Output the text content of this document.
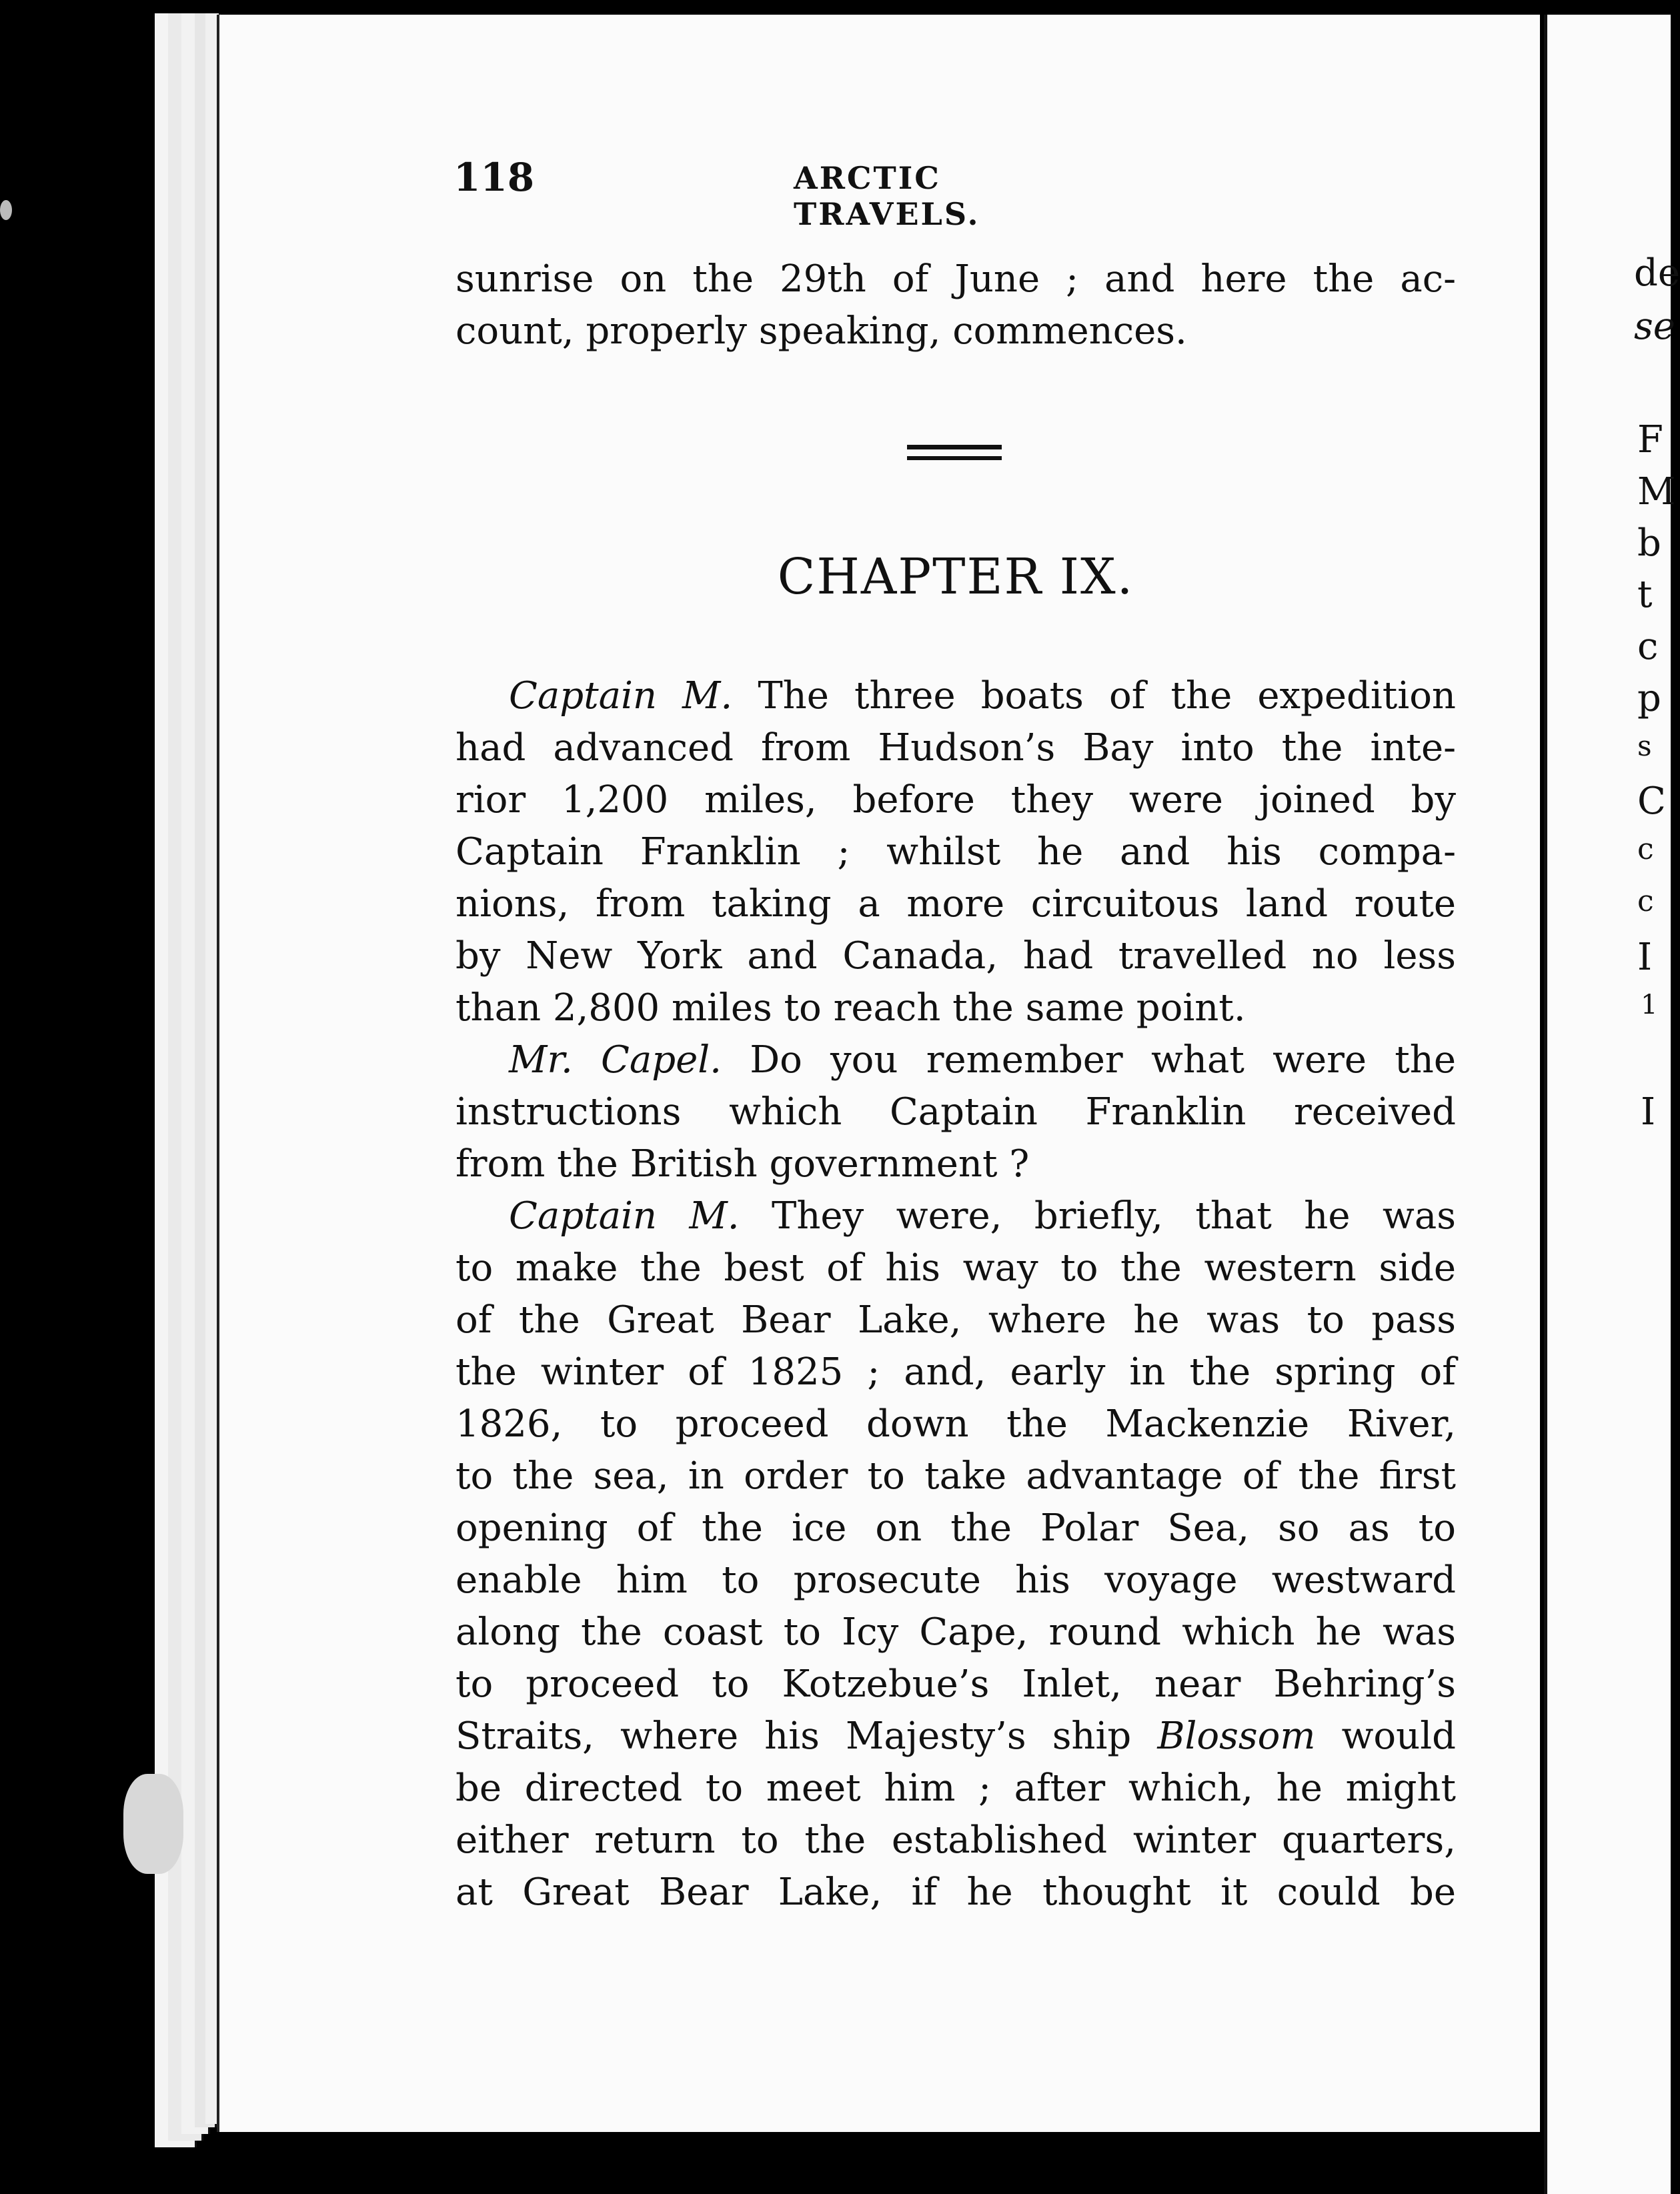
de
se
F
M
b
t
c
p
s
C
c
c
I
1
I
118	ARCTIC TRAVELS.
sunrise on the 29th of June ; and here the ac-
count, properly speaking, commences.
CHAPTER IX.
Captain M. The three boats of the expedition
had advanced from Hudson’s Bay into the inte-
rior 1,200 miles, before they were joined by
Captain Franklin ; whilst he and his compa-
nions, from taking a more circuitous land route
by New York and Canada, had travelled no less
than 2,800 miles to reach the same point.
Mr. Capel. Do you remember what were the
instructions which Captain Franklin received
from the British government ?
Captain M. They were, briefly, that he was
to make the best of his way to the western side
of the Great Bear Lake, where he was to pass
the winter of 1825 ; and, early in the spring of
1826, to proceed down the Mackenzie River,
to the sea, in order to take advantage of the first
opening of the ice on the Polar Sea, so as to
enable him to prosecute his voyage westward
along the coast to Icy Cape, round which he was
to proceed to Kotzebue’s Inlet, near Behring’s
Straits, where his Majesty’s ship Blossom would
be directed to meet him ; after which, he might
either return to the established winter quarters,
at Great Bear Lake, if he thought it could be
